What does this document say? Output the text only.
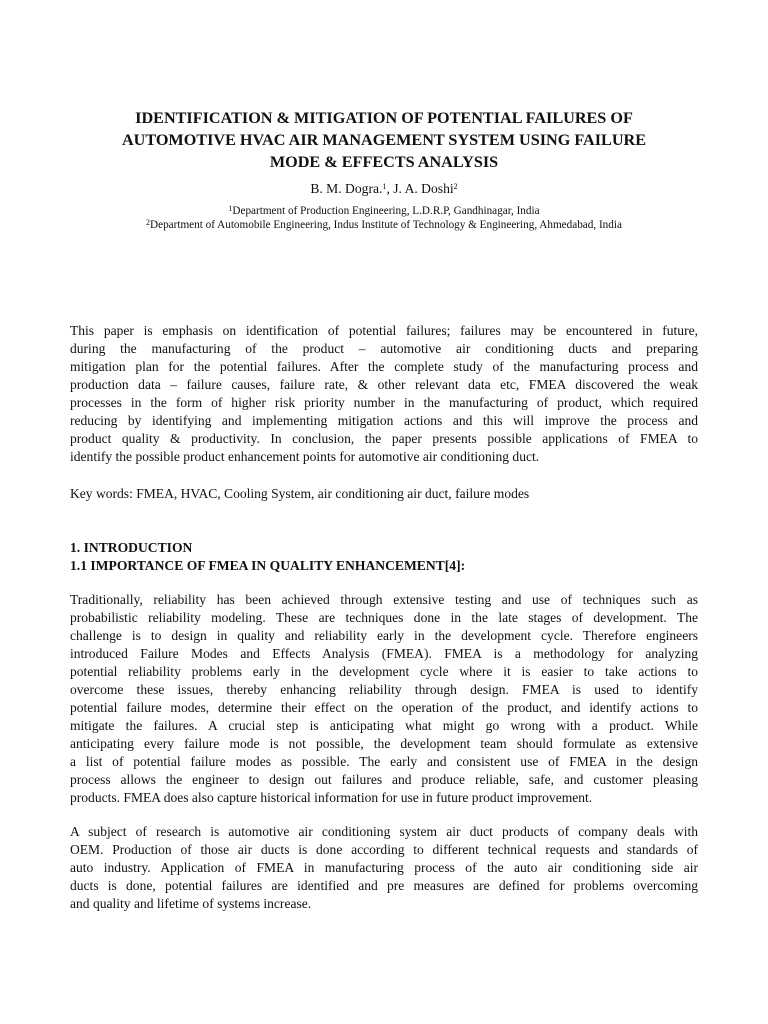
IDENTIFICATION & MITIGATION OF POTENTIAL FAILURES OF
AUTOMOTIVE HVAC AIR MANAGEMENT SYSTEM USING FAILURE
MODE & EFFECTS ANALYSIS
B. M. Dogra.$^1$, J. A. Doshi$^2$
$^1$Department of Production Engineering, L.D.R.P, Gandhinagar, India
$^2$Department of Automobile Engineering, Indus Institute of Technology & Engineering, Ahmedabad, India
This paper is emphasis on identification of potential failures; failures may be encountered in future,
during the manufacturing of the product – automotive air conditioning ducts and preparing
mitigation plan for the potential failures. After the complete study of the manufacturing process and
production data – failure causes, failure rate, & other relevant data etc, FMEA discovered the weak
processes in the form of higher risk priority number in the manufacturing of product, which required
reducing by identifying and implementing mitigation actions and this will improve the process and
product quality & productivity. In conclusion, the paper presents possible applications of FMEA to
identify the possible product enhancement points for automotive air conditioning duct.
Key words: FMEA, HVAC, Cooling System, air conditioning air duct, failure modes
1. INTRODUCTION
1.1 IMPORTANCE OF FMEA IN QUALITY ENHANCEMENT[4]:
Traditionally, reliability has been achieved through extensive testing and use of techniques such as
probabilistic reliability modeling. These are techniques done in the late stages of development. The
challenge is to design in quality and reliability early in the development cycle. Therefore engineers
introduced Failure Modes and Effects Analysis (FMEA). FMEA is a methodology for analyzing
potential reliability problems early in the development cycle where it is easier to take actions to
overcome these issues, thereby enhancing reliability through design. FMEA is used to identify
potential failure modes, determine their effect on the operation of the product, and identify actions to
mitigate the failures. A crucial step is anticipating what might go wrong with a product. While
anticipating every failure mode is not possible, the development team should formulate as extensive
a list of potential failure modes as possible. The early and consistent use of FMEA in the design
process allows the engineer to design out failures and produce reliable, safe, and customer pleasing
products. FMEA does also capture historical information for use in future product improvement.
A subject of research is automotive air conditioning system air duct products of company deals with
OEM. Production of those air ducts is done according to different technical requests and standards of
auto industry. Application of FMEA in manufacturing process of the auto air conditioning side air
ducts is done, potential failures are identified and pre measures are defined for problems overcoming
and quality and lifetime of systems increase.
